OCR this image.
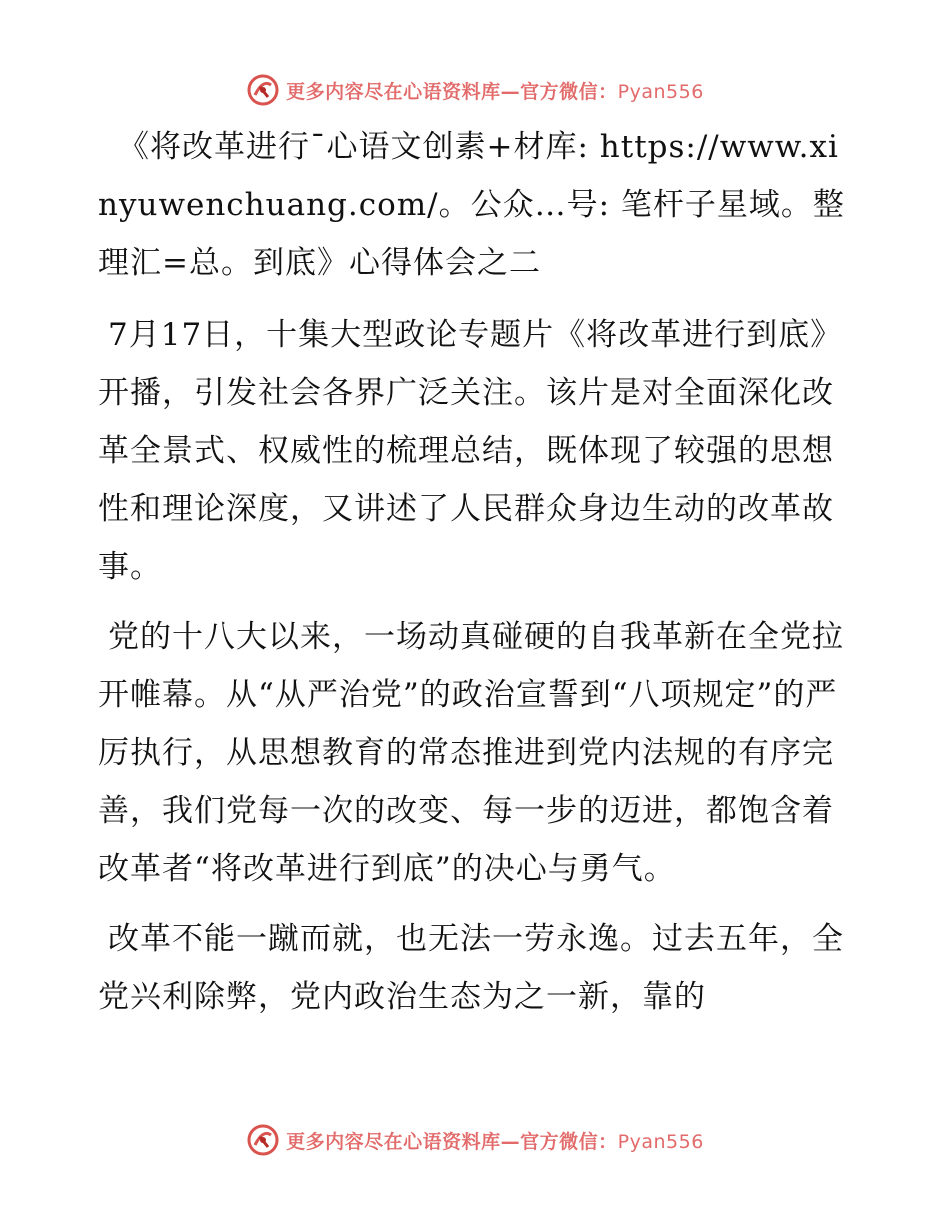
更多内容尽在心语资料库—官方微信：Pyan556

《将改革进行¯心语文创素+材库: https://www.xinyuwenchuang.com/。公众…号: 笔杆子星域。整理汇=总。到底》心得体会之二

7月17日，十集大型政论专题片《将改革进行到底》开播，引发社会各界广泛关注。该片是对全面深化改革全景式、权威性的梳理总结，既体现了较强的思想性和理论深度，又讲述了人民群众身边生动的改革故事。

党的十八大以来，一场动真碰硬的自我革新在全党拉开帷幕。从“从严治党”的政治宣誓到“八项规定”的严厉执行，从思想教育的常态推进到党内法规的有序完善，我们党每一次的改变、每一步的迈进，都饱含着改革者“将改革进行到底”的决心与勇气。

改革不能一蹴而就，也无法一劳永逸。过去五年，全党兴利除弊，党内政治生态为之一新，靠的

更多内容尽在心语资料库—官方微信：Pyan556
